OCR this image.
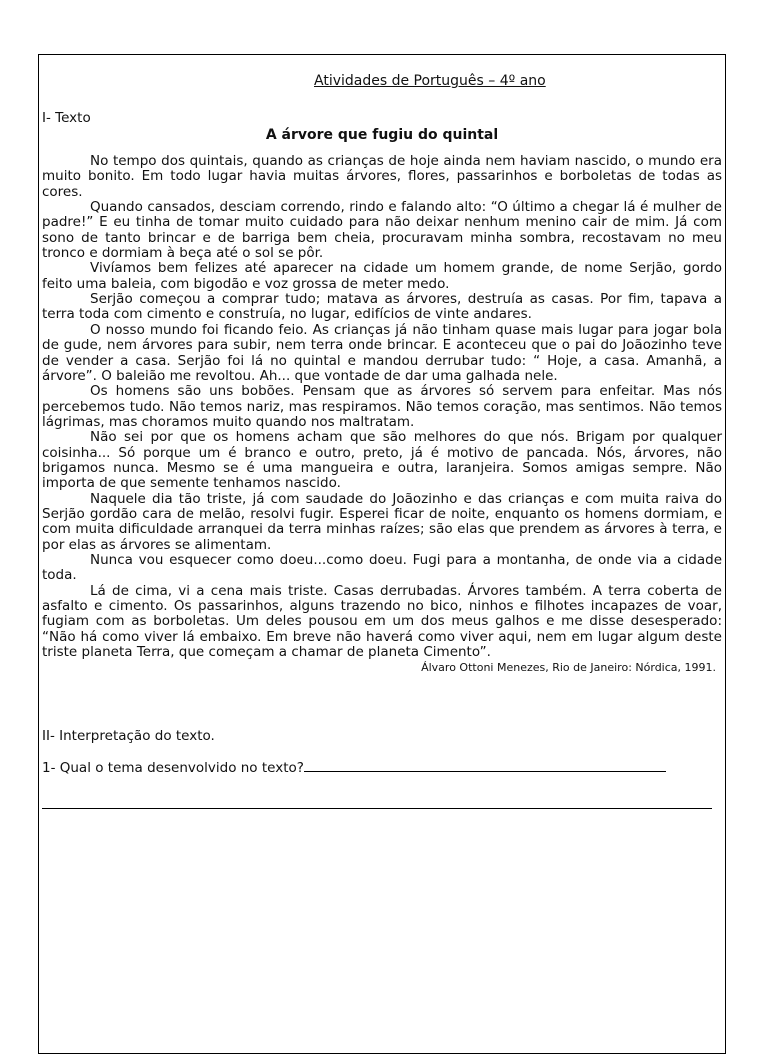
Atividades de Português – 4º ano
I- Texto
A árvore que fugiu do quintal

No tempo dos quintais, quando as crianças de hoje ainda nem haviam nascido, o mundo era muito bonito. Em todo lugar havia muitas árvores, flores, passarinhos e borboletas de todas as cores.

Quando cansados, desciam correndo, rindo e falando alto: “O último a chegar lá é mulher de padre!” E eu tinha de tomar muito cuidado para não deixar nenhum menino cair de mim. Já com sono de tanto brincar e de barriga bem cheia, procuravam minha sombra, recostavam no meu tronco e dormiam à beça até o sol se pôr.

Vivíamos bem felizes até aparecer na cidade um homem grande, de nome Serjão, gordo feito uma baleia, com bigodão e voz grossa de meter medo.

Serjão começou a comprar tudo; matava as árvores, destruía as casas. Por fim, tapava a terra toda com cimento e construía, no lugar, edifícios de vinte andares.

O nosso mundo foi ficando feio. As crianças já não tinham quase mais lugar para jogar bola de gude, nem árvores para subir, nem terra onde brincar. E aconteceu que o pai do Joãozinho teve de vender a casa. Serjão foi lá no quintal e mandou derrubar tudo: “ Hoje, a casa. Amanhã, a árvore”. O baleião me revoltou. Ah... que vontade de dar uma galhada nele.

Os homens são uns bobões. Pensam que as árvores só servem para enfeitar. Mas nós percebemos tudo. Não temos nariz, mas respiramos. Não temos coração, mas sentimos. Não temos lágrimas, mas choramos muito quando nos maltratam.

Não sei por que os homens acham que são melhores do que nós. Brigam por qualquer coisinha... Só porque um é branco e outro, preto, já é motivo de pancada. Nós, árvores, não brigamos nunca. Mesmo se é uma mangueira e outra, laranjeira. Somos amigas sempre. Não importa de que semente tenhamos nascido.

Naquele dia tão triste, já com saudade do Joãozinho e das crianças e com muita raiva do Serjão gordão cara de melão, resolvi fugir. Esperei ficar de noite, enquanto os homens dormiam, e com muita dificuldade arranquei da terra minhas raízes; são elas que prendem as árvores à terra, e por elas as árvores se alimentam.

Nunca vou esquecer como doeu...como doeu. Fugi para a montanha, de onde via a cidade toda.

Lá de cima, vi a cena mais triste. Casas derrubadas. Árvores também. A terra coberta de asfalto e cimento. Os passarinhos, alguns trazendo no bico, ninhos e filhotes incapazes de voar, fugiam com as borboletas. Um deles pousou em um dos meus galhos e me disse desesperado: “Não há como viver lá embaixo. Em breve não haverá como viver aqui, nem em lugar algum deste triste planeta Terra, que começam a chamar de planeta Cimento”.

Álvaro Ottoni Menezes, Rio de Janeiro: Nórdica, 1991.
II- Interpretação do texto.
1- Qual o tema desenvolvido no texto?
